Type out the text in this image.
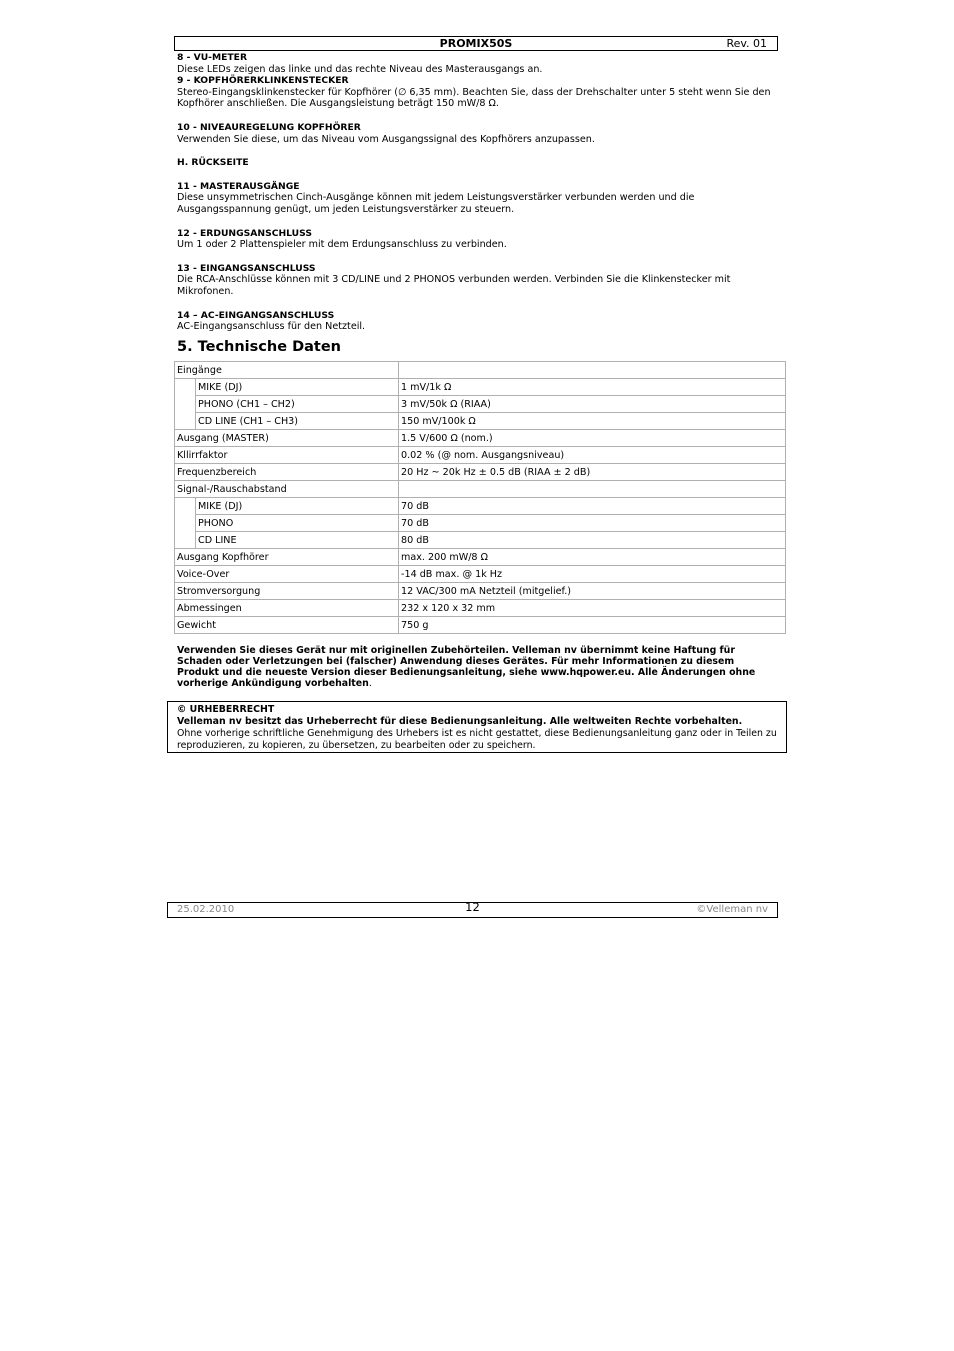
PROMIX50S	Rev. 01
8 - VU-METER
Diese LEDs zeigen das linke und das rechte Niveau des Masterausgangs an.
9 - KOPFHÖRERKLINKENSTECKER
Stereo-Eingangsklinkenstecker für Kopfhörer (∅ 6,35 mm). Beachten Sie, dass der Drehschalter unter 5 steht wenn Sie den Kopfhörer anschließen. Die Ausgangsleistung beträgt 150 mW/8 Ω.
10 - NIVEAUREGELUNG KOPFHÖRER
Verwenden Sie diese, um das Niveau vom Ausgangssignal des Kopfhörers anzupassen.
H. RÜCKSEITE
11 - MASTERAUSGÄNGE
Diese unsymmetrischen Cinch-Ausgänge können mit jedem Leistungsverstärker verbunden werden und die Ausgangsspannung genügt, um jeden Leistungsverstärker zu steuern.
12 - ERDUNGSANSCHLUSS
Um 1 oder 2 Plattenspieler mit dem Erdungsanschluss zu verbinden.
13 - EINGANGSANSCHLUSS
Die RCA-Anschlüsse können mit 3 CD/LINE und 2 PHONOS verbunden werden. Verbinden Sie die Klinkenstecker mit Mikrofonen.
14 – AC-EINGANGSANSCHLUSS
AC-Eingangsanschluss für den Netzteil.
5. Technische Daten
Eingänge		
	MIKE (DJ)	1 mV/1k Ω
	PHONO (CH1 – CH2)	3 mV/50k Ω (RIAA)
	CD LINE (CH1 – CH3)	150 mV/100k Ω
Ausgang (MASTER)		1.5 V/600 Ω (nom.)
Kllirrfaktor		0.02 % (@ nom. Ausgangsniveau)
Frequenzbereich		20 Hz ~ 20k Hz ± 0.5 dB (RIAA ± 2 dB)
Signal-/Rauschabstand		
	MIKE (DJ)	70 dB
	PHONO	70 dB
	CD LINE	80 dB
Ausgang Kopfhörer		max. 200 mW/8 Ω
Voice-Over		-14 dB max. @ 1k Hz
Stromversorgung		12 VAC/300 mA Netzteil (mitgelief.)
Abmessingen		232 x 120 x 32 mm
Gewicht		750 g
Verwenden Sie dieses Gerät nur mit originellen Zubehörteilen. Velleman nv übernimmt keine Haftung für Schaden oder Verletzungen bei (falscher) Anwendung dieses Gerätes. Für mehr Informationen zu diesem Produkt und die neueste Version dieser Bedienungsanleitung, siehe www.hqpower.eu. Alle Änderungen ohne vorherige Ankündigung vorbehalten.
© URHEBERRECHT
Velleman nv besitzt das Urheberrecht für diese Bedienungsanleitung. Alle weltweiten Rechte vorbehalten.
Ohne vorherige schriftliche Genehmigung des Urhebers ist es nicht gestattet, diese Bedienungsanleitung ganz oder in Teilen zu reproduzieren, zu kopieren, zu übersetzen, zu bearbeiten oder zu speichern.
25.02.2010	12	©Velleman nv
